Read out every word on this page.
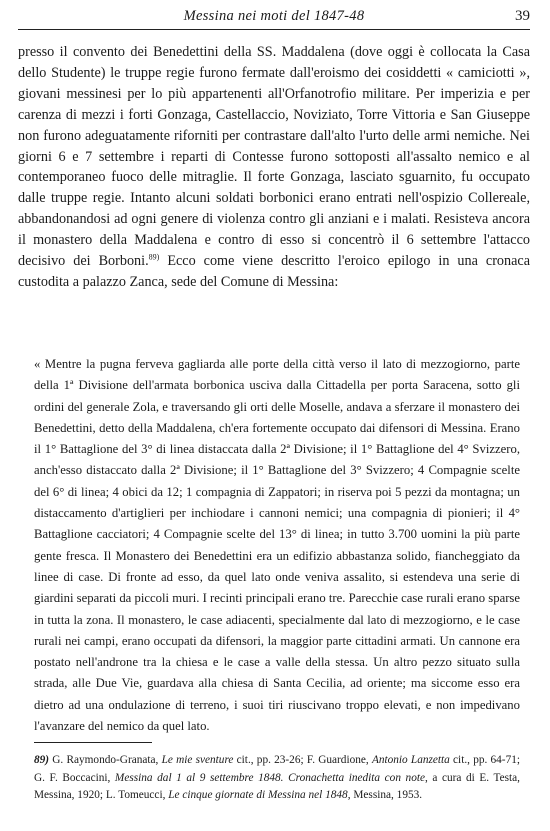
Messina nei moti del 1847-48	39

presso il convento dei Benedettini della SS. Maddalena (dove oggi è collocata la Casa dello Studente) le truppe regie furono fermate dall'eroismo dei cosiddetti « camiciotti », giovani messinesi per lo più appartenenti all'Orfanotrofio militare. Per imperizia e per carenza di mezzi i forti Gonzaga, Castellaccio, Noviziato, Torre Vittoria e San Giuseppe non furono adeguatamente riforniti per contrastare dall'alto l'urto delle armi nemiche. Nei giorni 6 e 7 settembre i reparti di Contesse furono sottoposti all'assalto nemico e al contemporaneo fuoco delle mitraglie. Il forte Gonzaga, lasciato sguarnito, fu occupato dalle truppe regie. Intanto alcuni soldati borbonici erano entrati nell'ospizio Collereale, abbandonandosi ad ogni genere di violenza contro gli anziani e i malati. Resisteva ancora il monastero della Maddalena e contro di esso si concentrò il 6 settembre l'attacco decisivo dei Borboni.$^{89)}$ Ecco come viene descritto l'eroico epilogo in una cronaca custodita a palazzo Zanca, sede del Comune di Messina:

« Mentre la pugna ferveva gagliarda alle porte della città verso il lato di mezzogiorno, parte della 1ª Divisione dell'armata borbonica usciva dalla Cittadella per porta Saracena, sotto gli ordini del generale Zola, e traversando gli orti delle Moselle, andava a sferzare il monastero dei Benedettini, detto della Maddalena, ch'era fortemente occupato dai difensori di Messina. Erano il 1° Battaglione del 3° di linea distaccata dalla 2ª Divisione; il 1° Battaglione del 4° Svizzero, anch'esso distaccato dalla 2ª Divisione; il 1° Battaglione del 3° Svizzero; 4 Compagnie scelte del 6° di linea; 4 obici da 12; 1 compagnia di Zappatori; in riserva poi 5 pezzi da montagna; un distaccamento d'artiglieri per inchiodare i cannoni nemici; una compagnia di pionieri; il 4° Battaglione cacciatori; 4 Compagnie scelte del 13° di linea; in tutto 3.700 uomini la più parte gente fresca. Il Monastero dei Benedettini era un edifizio abbastanza solido, fiancheggiato da linee di case. Di fronte ad esso, da quel lato onde veniva assalito, si estendeva una serie di giardini separati da piccoli muri. I recinti principali erano tre. Parecchie case rurali erano sparse in tutta la zona. Il monastero, le case adiacenti, specialmente dal lato di mezzogiorno, e le case rurali nei campi, erano occupati da difensori, la maggior parte cittadini armati. Un cannone era postato nell'androne tra la chiesa e le case a valle della stessa. Un altro pezzo situato sulla strada, alle Due Vie, guardava alla chiesa di Santa Cecilia, ad oriente; ma siccome esso era dietro ad una ondulazione di terreno, i suoi tiri riuscivano troppo elevati, e non impedivano l'avanzare del nemico da quel lato.

89) G. Raymondo-Granata, Le mie sventure cit., pp. 23-26; F. Guardione, Antonio Lanzetta cit., pp. 64-71; G. F. Boccacini, Messina dal 1 al 9 settembre 1848. Cronachetta inedita con note, a cura di E. Testa, Messina, 1920; L. Tomeucci, Le cinque giornate di Messina nel 1848, Messina, 1953.
